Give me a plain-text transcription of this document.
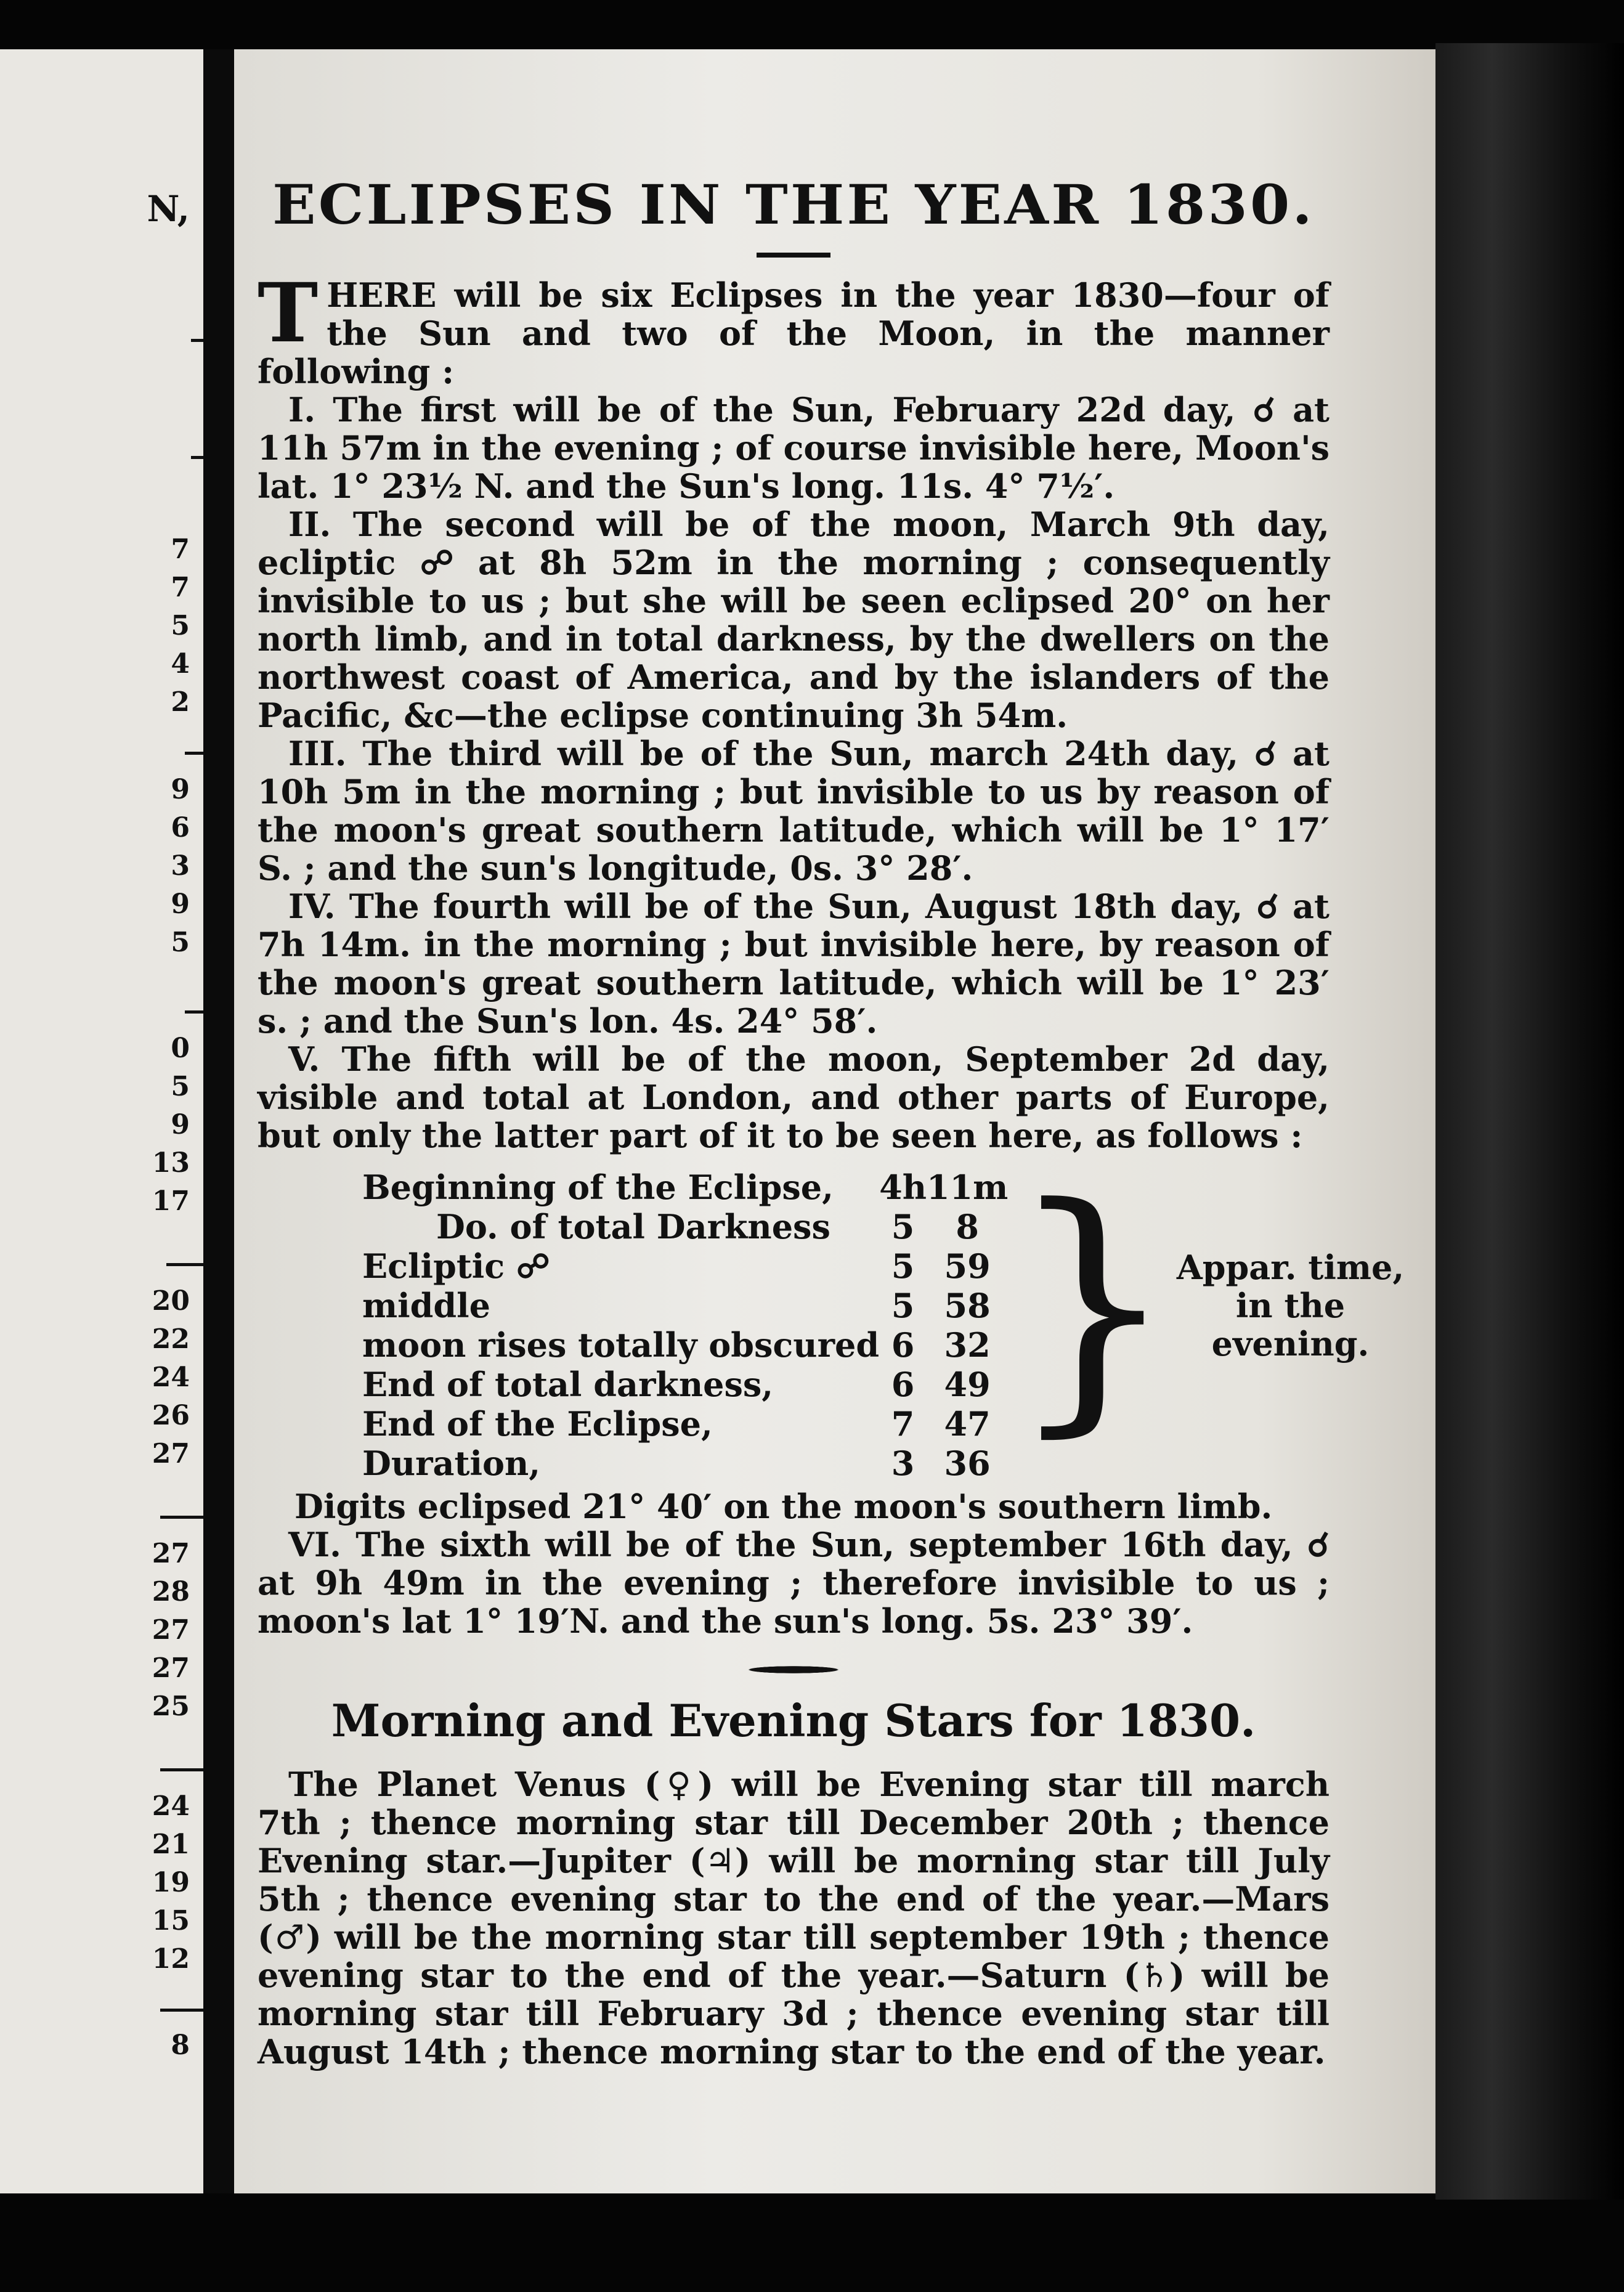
N,
7
7
5
4
2
9
6
3
9
5
0
5
9
13
17
20
22
24
26
27
27
28
27
27
25
24
21
19
15
12
8
ECLIPSES IN THE YEAR 1830.

THERE will be six Eclipses in the year 1830—four of the Sun and two of the Moon, in the manner following :

I. The first will be of the Sun, February 22d day, ☌ at 11h 57m in the evening ; of course invisible here, Moon's lat. 1° 23½ N. and the Sun's long. 11s. 4° 7½′.

II. The second will be of the moon, March 9th day, ecliptic ☍ at 8h 52m in the morning ; consequently invisible to us ; but she will be seen eclipsed 20° on her north limb, and in total darkness, by the dwellers on the northwest coast of America, and by the islanders of the Pacific, &c—the eclipse continuing 3h 54m.

III. The third will be of the Sun, march 24th day, ☌ at 10h 5m in the morning ; but invisible to us by reason of the moon's great southern latitude, which will be 1° 17′ S. ; and the sun's longitude, 0s. 3° 28′.

IV. The fourth will be of the Sun, August 18th day, ☌ at 7h 14m. in the morning ; but invisible here, by reason of the moon's great southern latitude, which will be 1° 23′ s. ; and the Sun's lon. 4s. 24° 58′.

V. The fifth will be of the moon, September 2d day, visible and total at London, and other parts of Europe, but only the latter part of it to be seen here, as follows :

Beginning of the Eclipse,	4h	11m	}	Appar. time,
in the
evening.

Do. of total Darkness	5	8		
Ecliptic ☍	5	59		
middle	5	58		
moon rises totally obscured	6	32		
End of total darkness,	6	49		
End of the Eclipse,	7	47		
Duration,	3	36		

Digits eclipsed 21° 40′ on the moon's southern limb.

VI. The sixth will be of the Sun, september 16th day, ☌ at 9h 49m in the evening ; therefore invisible to us ; moon's lat 1° 19′N. and the sun's long. 5s. 23° 39′.

Morning and Evening Stars for 1830.

The Planet Venus (♀) will be Evening star till march 7th ; thence morning star till December 20th ; thence Evening star.—Jupiter (♃) will be morning star till July 5th ; thence evening star to the end of the year.—Mars (♂) will be the morning star till september 19th ; thence evening star to the end of the year.—Saturn (♄) will be morning star till February 3d ; thence evening star till August 14th ; thence morning star to the end of the year.
